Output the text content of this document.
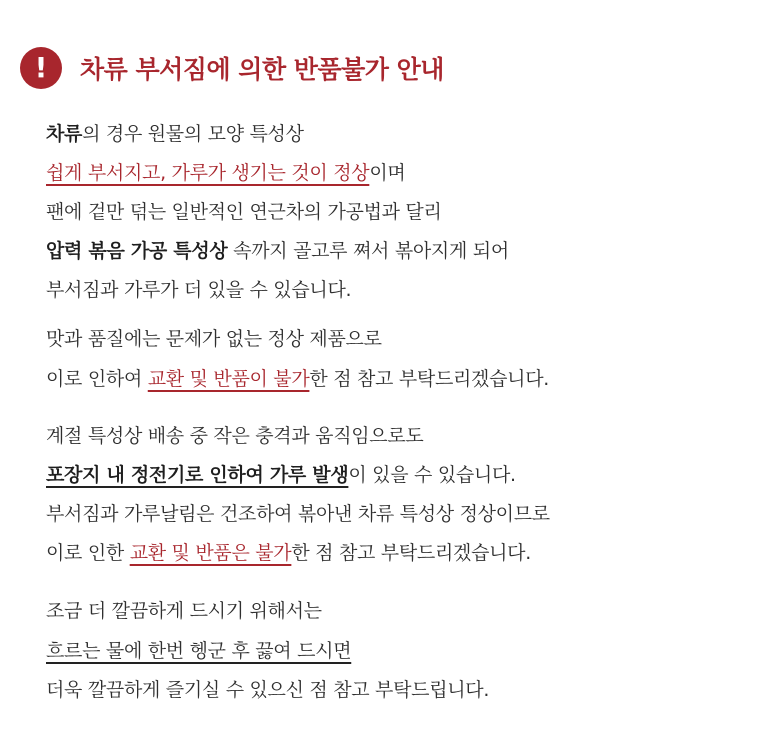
!	차류 부서짐에 의한 반품불가 안내
차류의 경우 원물의 모양 특성상
쉽게 부서지고, 가루가 생기는 것이 정상이며
팬에 겉만 덖는 일반적인 연근차의 가공법과 달리
압력 볶음 가공 특성상 속까지 골고루 쪄서 볶아지게 되어
부서짐과 가루가 더 있을 수 있습니다.
맛과 품질에는 문제가 없는 정상 제품으로
이로 인하여 교환 및 반품이 불가한 점 참고 부탁드리겠습니다.
계절 특성상 배송 중 작은 충격과 움직임으로도
포장지 내 정전기로 인하여 가루 발생이 있을 수 있습니다.
부서짐과 가루날림은 건조하여 볶아낸 차류 특성상 정상이므로
이로 인한 교환 및 반품은 불가한 점 참고 부탁드리겠습니다.
조금 더 깔끔하게 드시기 위해서는
흐르는 물에 한번 헹군 후 끓여 드시면
더욱 깔끔하게 즐기실 수 있으신 점 참고 부탁드립니다.
